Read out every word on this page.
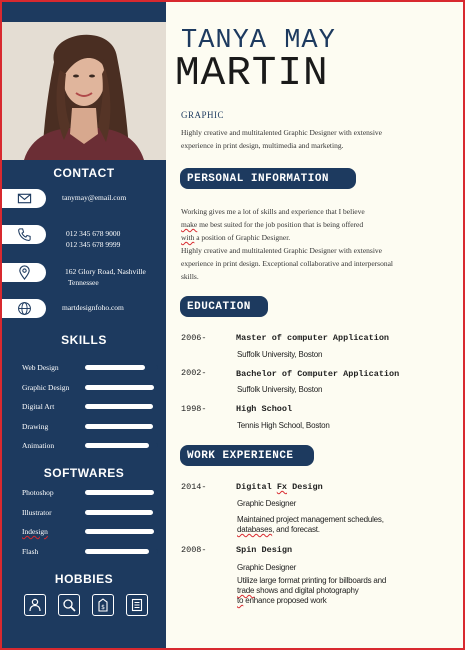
CONTACT
tanymay@email.com
012 345 678 9000
012 345 678 9999
162 Glory Road, Nashville
Tennessee
martdesignfoho.com
SKILLS
Web Design
Graphic Design
Digital Art
Drawing
Animation
SOFTWARES
Photoshop
Illustrator
Indesign
Flash
HOBBIES
$
TANYA MAY
MARTIN
GRAPHIC
Highly creative and multitalented Graphic Designer with extensive
experience in print design, multimedia and marketing.
PERSONAL INFORMATION
Working gives me a lot of skills and experience that I believe
make me best suited for the job position that is being offered
with a position of Graphic Designer.
Highly creative and multitalented Graphic Designer with extensive
experience in print design. Exceptional collaborative and interpersonal
skills.
EDUCATION
2006-	Master of computer Application
Suffolk University, Boston
2002-	Bachelor of Computer Application
Suffolk University, Boston
1998-	High School
Tennis High School, Boston
WORK EXPERIENCE
2014-	Digital Fx Design
Graphic Designer
Maintained project management schedules,
databases, and forecast.
2008-	Spin Design
Graphic Designer
Utilize large format printing for billboards and
trade shows and digital photography
to enhance proposed work
